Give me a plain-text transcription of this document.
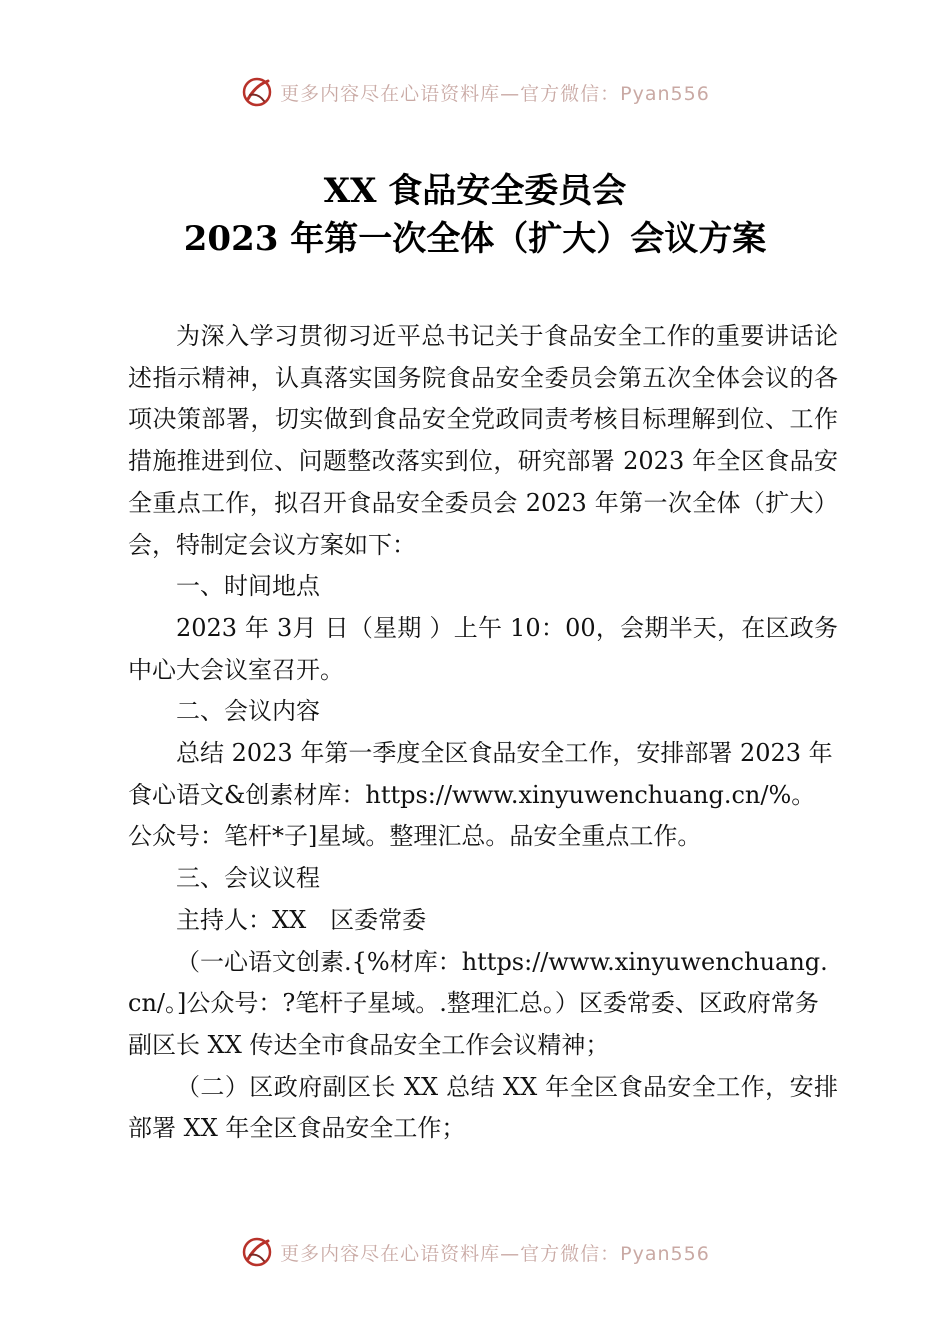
更多内容尽在心语资料库—官方微信：Pyan556
XX 食品安全委员会
2023 年第一次全体（扩大）会议方案

为深入学习贯彻习近平总书记关于食品安全工作的重要讲话论述指示精神，认真落实国务院食品安全委员会第五次全体会议的各项决策部署，切实做到食品安全党政同责考核目标理解到位、工作措施推进到位、问题整改落实到位，研究部署 2023 年全区食品安全重点工作，拟召开食品安全委员会 2023 年第一次全体（扩大）会，特制定会议方案如下：

一、时间地点

2023 年 3月 日（星期 ）上午 10：00，会期半天，在区政务中心大会议室召开。

二、会议内容

总结 2023 年第一季度全区食品安全工作，安排部署 2023 年食心语文&创素材库：https://www.xinyuwenchuang.cn/%。公众号：笔杆*子]星域。整理汇总。品安全重点工作。

三、会议议程

主持人：XX　区委常委

（一心语文创素.{%材库：https://www.xinyuwenchuang.cn/。]公众号：?笔杆子星域。.整理汇总。）区委常委、区政府常务副区长 XX 传达全市食品安全工作会议精神；

（二）区政府副区长 XX 总结 XX 年全区食品安全工作，安排部署 XX 年全区食品安全工作；

更多内容尽在心语资料库—官方微信：Pyan556
